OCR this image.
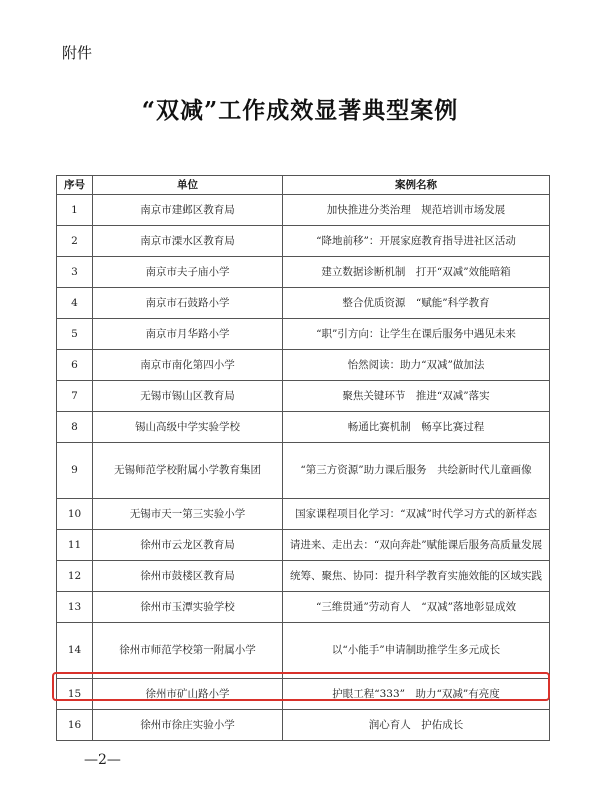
附件
“双减”工作成效显著典型案例
序号	单位	案例名称
1	南京市建邺区教育局	加快推进分类治理　规范培训市场发展
2	南京市溧水区教育局	“降地前移”：开展家庭教育指导进社区活动
3	南京市夫子庙小学	建立数据诊断机制　打开“双减”效能暗箱
4	南京市石鼓路小学	整合优质资源　“赋能”科学教育
5	南京市月华路小学	“职”引方向：让学生在课后服务中遇见未来
6	南京市南化第四小学	怡然阅读：助力“双减”做加法
7	无锡市锡山区教育局	聚焦关键环节　推进“双减”落实
8	锡山高级中学实验学校	畅通比赛机制　畅享比赛过程
9	无锡师范学校附属小学教育集团	“第三方资源”助力课后服务　共绘新时代儿童画像
10	无锡市天一第三实验小学	国家课程项目化学习：“双减”时代学习方式的新样态
11	徐州市云龙区教育局	请进来、走出去：“双向奔赴”赋能课后服务高质量发展
12	徐州市鼓楼区教育局	统筹、聚焦、协同：提升科学教育实施效能的区域实践
13	徐州市玉潭实验学校	“三维贯通”劳动育人　“双减”落地彰显成效
14	徐州市师范学校第一附属小学	以“小能手”申请制助推学生多元成长
15	徐州市矿山路小学	护眼工程“333”　助力“双减”有亮度
16	徐州市徐庄实验小学	润心育人　护佑成长
—2—
